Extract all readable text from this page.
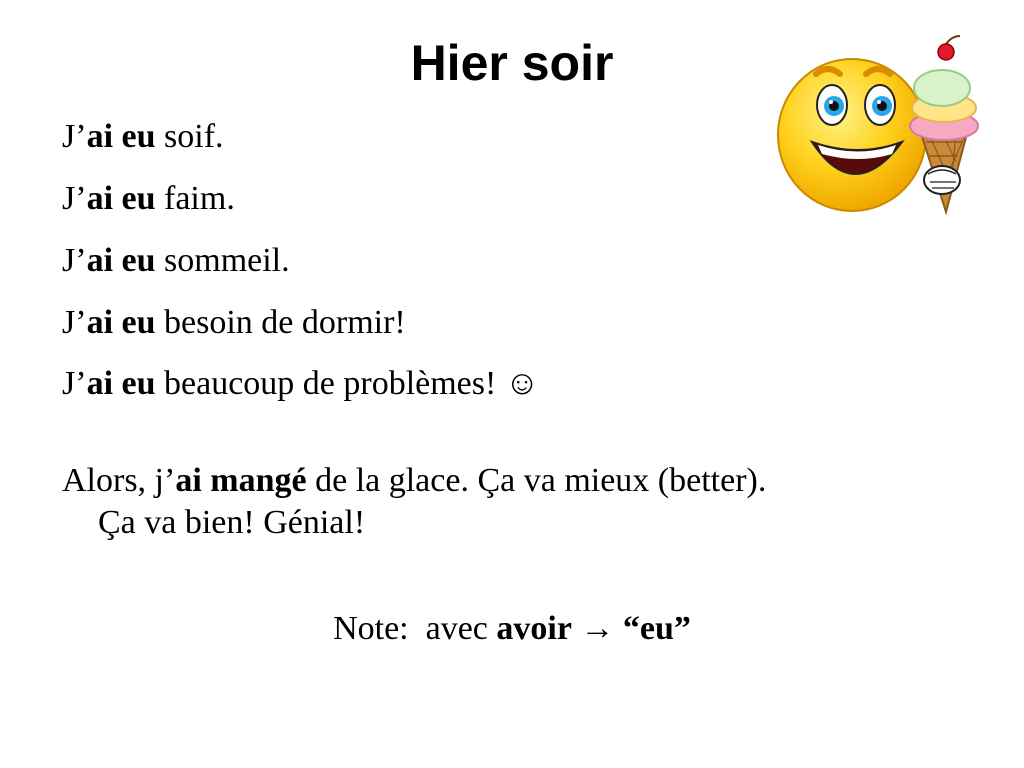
Hier soir
J’ai eu soif.
J’ai eu faim.
J’ai eu sommeil.
J’ai eu besoin de dormir!
J’ai eu beaucoup de problèmes! ☺
Alors, j’ai mangé de la glace. Ça va mieux (better).
Ça va bien! Génial!
Note:  avec avoir → “eu”
